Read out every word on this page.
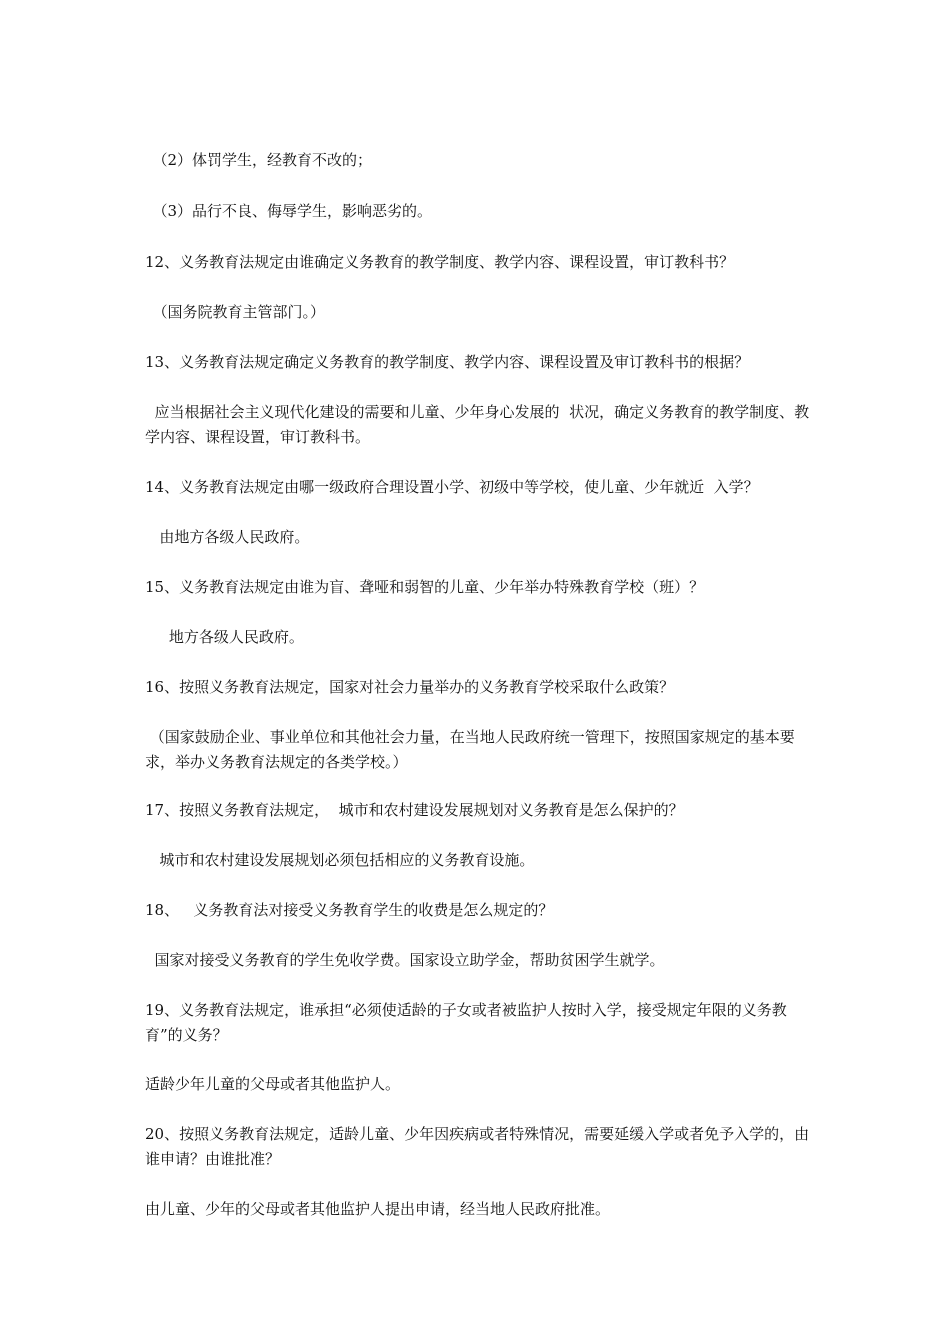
　（2）体罚学生，经教育不改的；

　（3）品行不良、侮辱学生，影响恶劣的。

12、义务教育法规定由谁确定义务教育的教学制度、教学内容、课程设置，审订教科书？

　（国务院教育主管部门。）

13、义务教育法规定确定义务教育的教学制度、教学内容、课程设置及审订教科书的根据？

应当根据社会主义现代化建设的需要和儿童、少年身心发展的  状况，确定义务教育的教学制度、教学内容、课程设置，审订教科书。

14、义务教育法规定由哪一级政府合理设置小学、初级中等学校，使儿童、少年就近  入学？

由地方各级人民政府。

15、义务教育法规定由谁为盲、聋哑和弱智的儿童、少年举办特殊教育学校（班）？

地方各级人民政府。

16、按照义务教育法规定，国家对社会力量举办的义务教育学校采取什么政策？

（国家鼓励企业、事业单位和其他社会力量，在当地人民政府统一管理下，按照国家规定的基本要求，举办义务教育法规定的各类学校。）

17、按照义务教育法规定，  城市和农村建设发展规划对义务教育是怎么保护的？

城市和农村建设发展规划必须包括相应的义务教育设施。

18、   义务教育法对接受义务教育学生的收费是怎么规定的？

国家对接受义务教育的学生免收学费。国家设立助学金，帮助贫困学生就学。

19、义务教育法规定，谁承担“必须使适龄的子女或者被监护人按时入学，接受规定年限的义务教育”的义务？

适龄少年儿童的父母或者其他监护人。

20、按照义务教育法规定，适龄儿童、少年因疾病或者特殊情况，需要延缓入学或者免予入学的，由谁申请？由谁批准？

由儿童、少年的父母或者其他监护人提出申请，经当地人民政府批准。
